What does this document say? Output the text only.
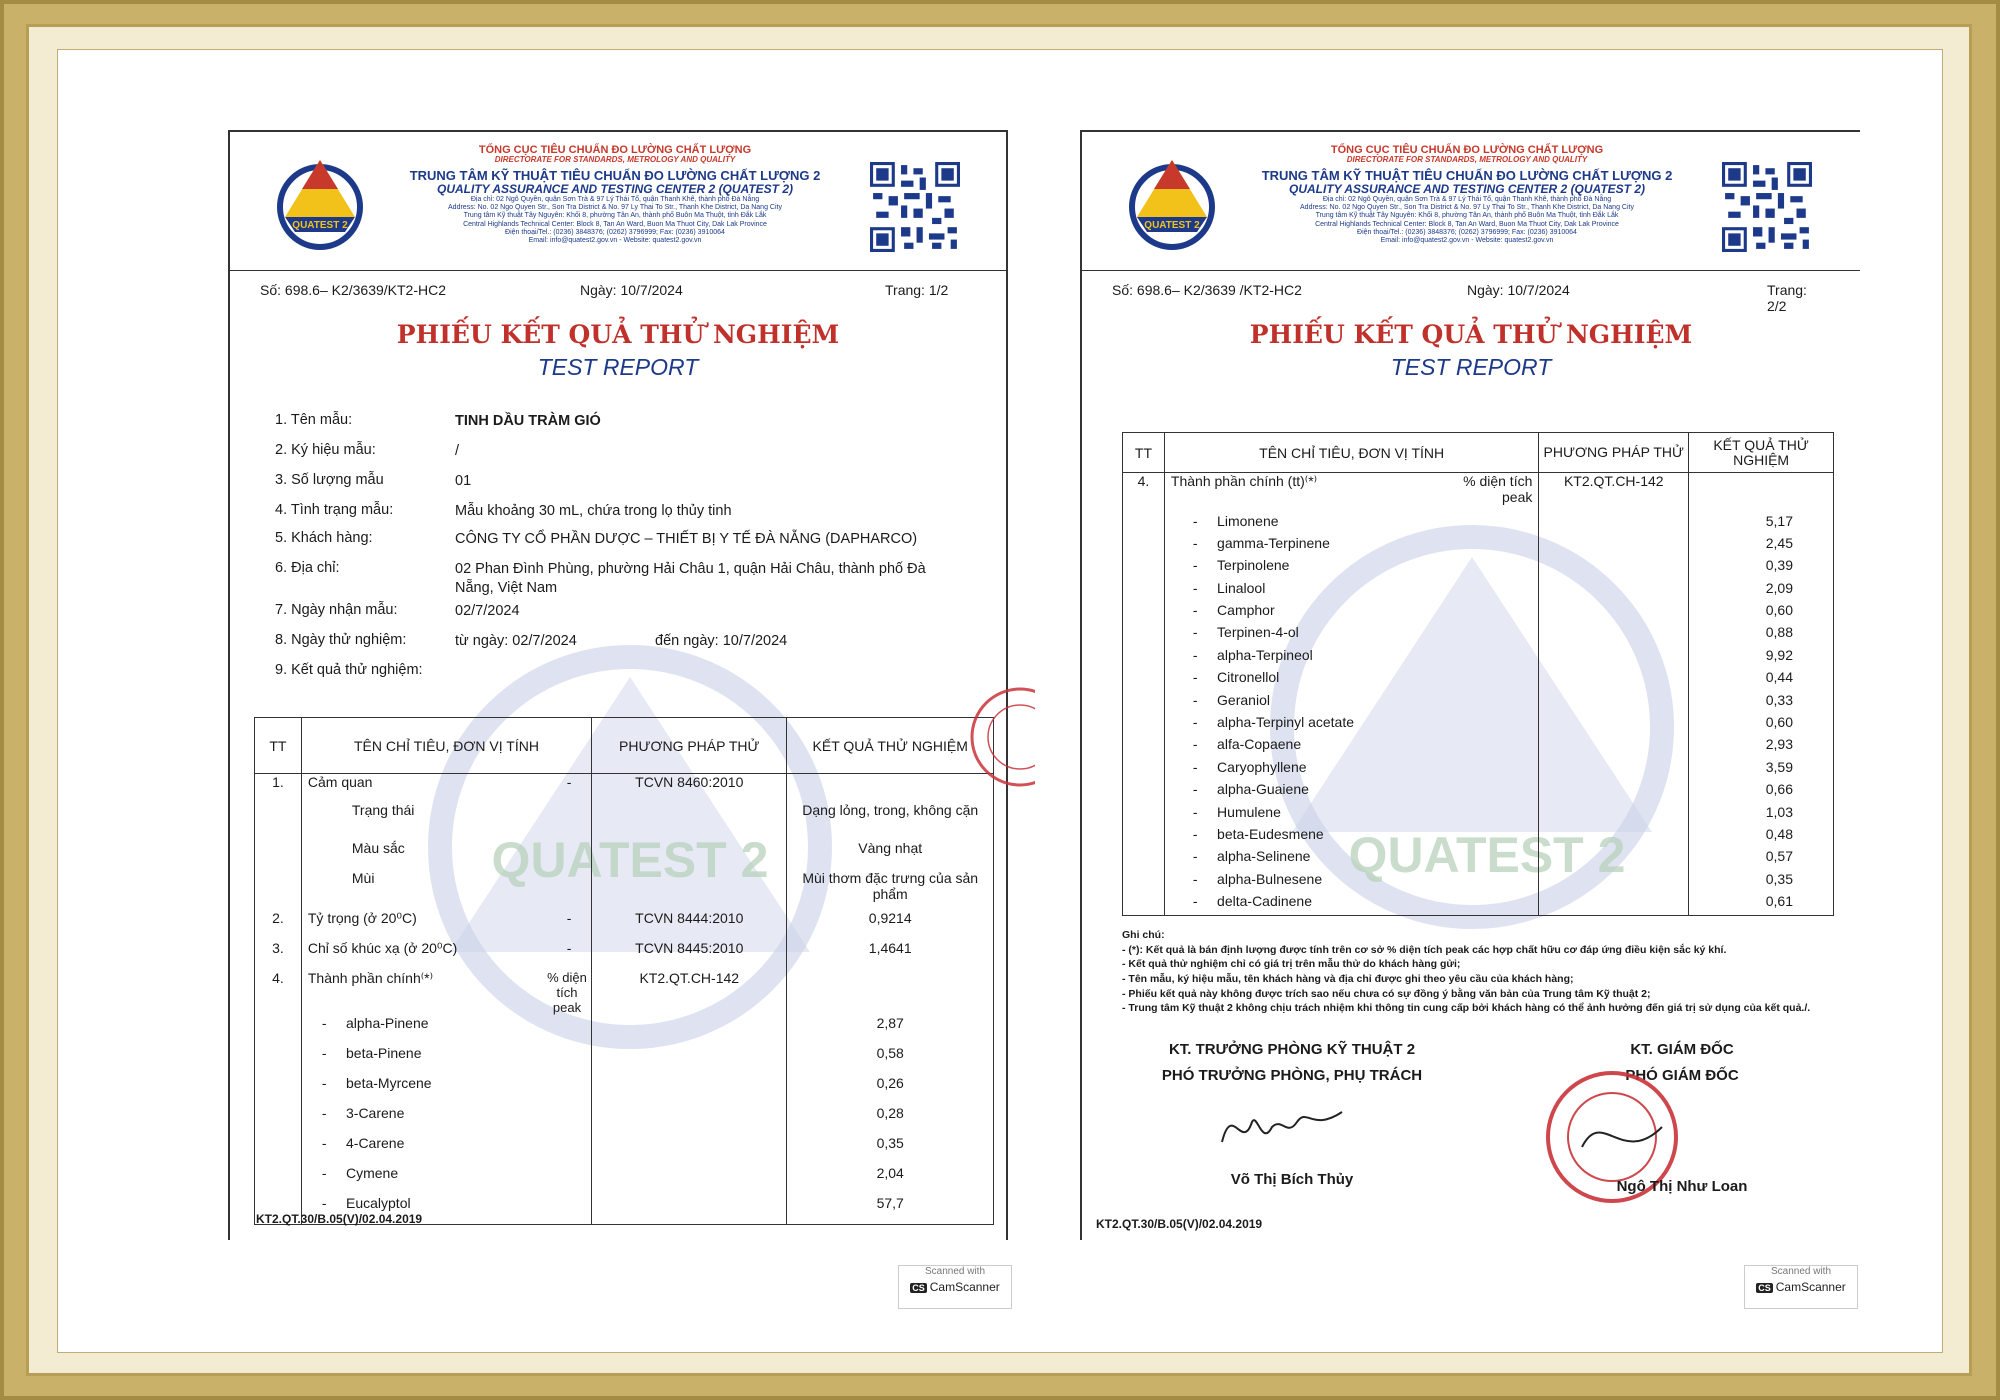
QUATEST 2
TỔNG CỤC TIÊU CHUẨN ĐO LƯỜNG CHẤT LƯỢNG
DIRECTORATE FOR STANDARDS, METROLOGY AND QUALITY
TRUNG TÂM KỸ THUẬT TIÊU CHUẨN ĐO LƯỜNG CHẤT LƯỢNG 2
QUALITY ASSURANCE AND TESTING CENTER 2 (QUATEST 2)
Địa chỉ: 02 Ngô Quyền, quận Sơn Trà & 97 Lý Thái Tổ, quận Thanh Khê, thành phố Đà Nẵng
Address: No. 02 Ngo Quyen Str., Son Tra District & No. 97 Ly Thai To Str., Thanh Khe District, Da Nang City
Trung tâm Kỹ thuật Tây Nguyên: Khối 8, phường Tân An, thành phố Buôn Ma Thuột, tỉnh Đắk Lắk
Central Highlands Technical Center: Block 8, Tan An Ward, Buon Ma Thuot City, Dak Lak Province
Điện thoại/Tel.: (0236) 3848376; (0262) 3796999; Fax: (0236) 3910064
Email: info@quatest2.gov.vn - Website: quatest2.gov.vn
Số: 698.6– K2/3639/KT2-HC2	Ngày: 10/7/2024	Trang: 1/2
PHIẾU KẾT QUẢ THỬ NGHIỆM
TEST REPORT
QUATEST 2
1. Tên mẫu:	TINH DẦU TRÀM GIÓ
2. Ký hiệu mẫu:	/
3. Số lượng mẫu	01
4. Tình trạng mẫu:	Mẫu khoảng 30 mL, chứa trong lọ thủy tinh
5. Khách hàng:	CÔNG TY CỔ PHẦN DƯỢC – THIẾT BỊ Y TẾ ĐÀ NẴNG (DAPHARCO)
6. Địa chỉ:	02 Phan Đình Phùng, phường Hải Châu 1, quận Hải Châu, thành phố Đà Nẵng, Việt Nam
7. Ngày nhận mẫu:	02/7/2024
8. Ngày thử nghiệm:	từ ngày: 02/7/2024	đến ngày: 10/7/2024
9. Kết quả thử nghiệm:
TT	TÊN CHỈ TIÊU, ĐƠN VỊ TÍNH		PHƯƠNG PHÁP THỬ	KẾT QUẢ THỬ NGHIỆM
1.	Cảm quan	-	TCVN 8460:2010	
	Trạng thái			Dạng lỏng, trong, không cặn
	Màu sắc			Vàng nhạt
	Mùi			Mùi thơm đặc trưng của sản phẩm
2.	Tỷ trọng (ở 20⁰C)	-	TCVN 8444:2010	0,9214
3.	Chỉ số khúc xạ (ở 20⁰C)	-	TCVN 8445:2010	1,4641
4.	Thành phần chính⁽*⁾	% diện tích peak	KT2.QT.CH-142	
	-     alpha-Pinene			2,87
	-     beta-Pinene			0,58
	-     beta-Myrcene			0,26
	-     3-Carene			0,28
	-     4-Carene			0,35
	-     Cymene			2,04
	-     Eucalyptol			57,7
KT2.QT.30/B.05(V)/02.04.2019
QUATEST 2
TỔNG CỤC TIÊU CHUẨN ĐO LƯỜNG CHẤT LƯỢNG
DIRECTORATE FOR STANDARDS, METROLOGY AND QUALITY
TRUNG TÂM KỸ THUẬT TIÊU CHUẨN ĐO LƯỜNG CHẤT LƯỢNG 2
QUALITY ASSURANCE AND TESTING CENTER 2 (QUATEST 2)
Địa chỉ: 02 Ngô Quyền, quận Sơn Trà & 97 Lý Thái Tổ, quận Thanh Khê, thành phố Đà Nẵng
Address: No. 02 Ngo Quyen Str., Son Tra District & No. 97 Ly Thai To Str., Thanh Khe District, Da Nang City
Trung tâm Kỹ thuật Tây Nguyên: Khối 8, phường Tân An, thành phố Buôn Ma Thuột, tỉnh Đắk Lắk
Central Highlands Technical Center: Block 8, Tan An Ward, Buon Ma Thuot City, Dak Lak Province
Điện thoại/Tel.: (0236) 3848376; (0262) 3796999; Fax: (0236) 3910064
Email: info@quatest2.gov.vn - Website: quatest2.gov.vn
Số: 698.6– K2/3639 /KT2-HC2	Ngày: 10/7/2024	Trang: 2/2
PHIẾU KẾT QUẢ THỬ NGHIỆM
TEST REPORT
QUATEST 2
TT	TÊN CHỈ TIÊU, ĐƠN VỊ TÍNH		PHƯƠNG PHÁP THỬ	KẾT QUẢ THỬ NGHIỆM
4.	Thành phần chính (tt)⁽*⁾	% diện tích peak	KT2.QT.CH-142	
	-     Limonene			5,17
	-     gamma-Terpinene			2,45
	-     Terpinolene			0,39
	-     Linalool			2,09
	-     Camphor			0,60
	-     Terpinen-4-ol			0,88
	-     alpha-Terpineol			9,92
	-     Citronellol			0,44
	-     Geraniol			0,33
	-     alpha-Terpinyl acetate			0,60
	-     alfa-Copaene			2,93
	-     Caryophyllene			3,59
	-     alpha-Guaiene			0,66
	-     Humulene			1,03
	-     beta-Eudesmene			0,48
	-     alpha-Selinene			0,57
	-     alpha-Bulnesene			0,35
	-     delta-Cadinene			0,61
Ghi chú:
- (*): Kết quả là bán định lượng được tính trên cơ sở % diện tích peak các hợp chất hữu cơ đáp ứng điều kiện sắc ký khí.
- Kết quả thử nghiệm chỉ có giá trị trên mẫu thử do khách hàng gửi;
- Tên mẫu, ký hiệu mẫu, tên khách hàng và địa chỉ được ghi theo yêu cầu của khách hàng;
- Phiếu kết quả này không được trích sao nếu chưa có sự đồng ý bằng văn bản của Trung tâm Kỹ thuật 2;
- Trung tâm Kỹ thuật 2 không chịu trách nhiệm khi thông tin cung cấp bởi khách hàng có thể ảnh hưởng đến giá trị sử dụng của kết quả./.
KT. TRƯỞNG PHÒNG KỸ THUẬT 2
PHÓ TRƯỞNG PHÒNG, PHỤ TRÁCH
Võ Thị Bích Thủy
KT. GIÁM ĐỐC
PHÓ GIÁM ĐỐC
Ngô Thị Như Loan
KT2.QT.30/B.05(V)/02.04.2019
Scanned with
CS CamScanner
Scanned with
CS CamScanner
